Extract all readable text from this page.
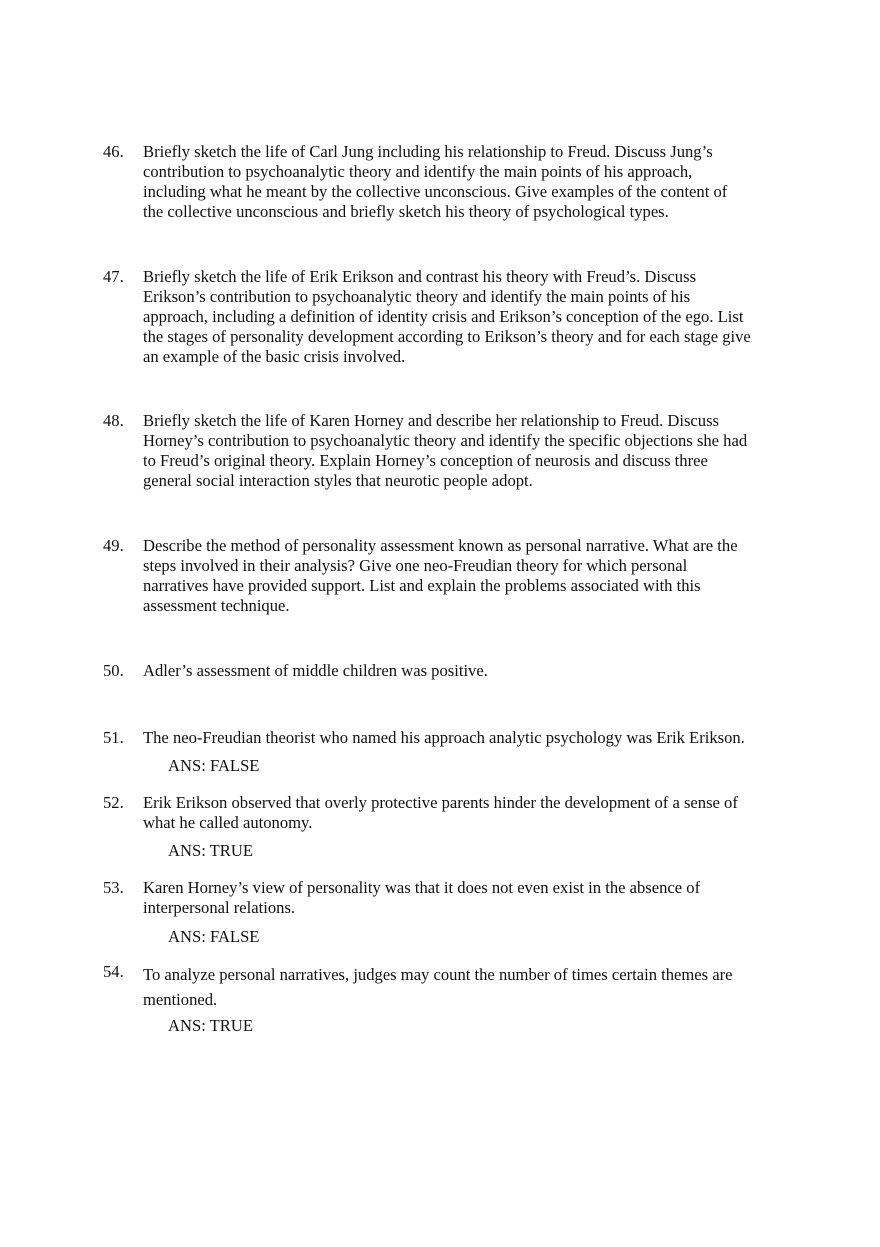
46.	Briefly sketch the life of Carl Jung including his relationship to Freud. Discuss Jung’s
contribution to psychoanalytic theory and identify the main points of his approach,
including what he meant by the collective unconscious. Give examples of the content of
the collective unconscious and briefly sketch his theory of psychological types.
47.	Briefly sketch the life of Erik Erikson and contrast his theory with Freud’s. Discuss
Erikson’s contribution to psychoanalytic theory and identify the main points of his
approach, including a definition of identity crisis and Erikson’s conception of the ego. List
the stages of personality development according to Erikson’s theory and for each stage give
an example of the basic crisis involved.
48.	Briefly sketch the life of Karen Horney and describe her relationship to Freud. Discuss
Horney’s contribution to psychoanalytic theory and identify the specific objections she had
to Freud’s original theory. Explain Horney’s conception of neurosis and discuss three
general social interaction styles that neurotic people adopt.
49.	Describe the method of personality assessment known as personal narrative. What are the
steps involved in their analysis? Give one neo-Freudian theory for which personal
narratives have provided support. List and explain the problems associated with this
assessment technique.
50.	Adler’s assessment of middle children was positive.
51.	The neo-Freudian theorist who named his approach analytic psychology was Erik Erikson.
ANS: FALSE
52.	Erik Erikson observed that overly protective parents hinder the development of a sense of
what he called autonomy.
ANS: TRUE
53.	Karen Horney’s view of personality was that it does not even exist in the absence of
interpersonal relations.
ANS: FALSE
54.	To analyze personal narratives, judges may count the number of times certain themes are
mentioned.
ANS: TRUE
